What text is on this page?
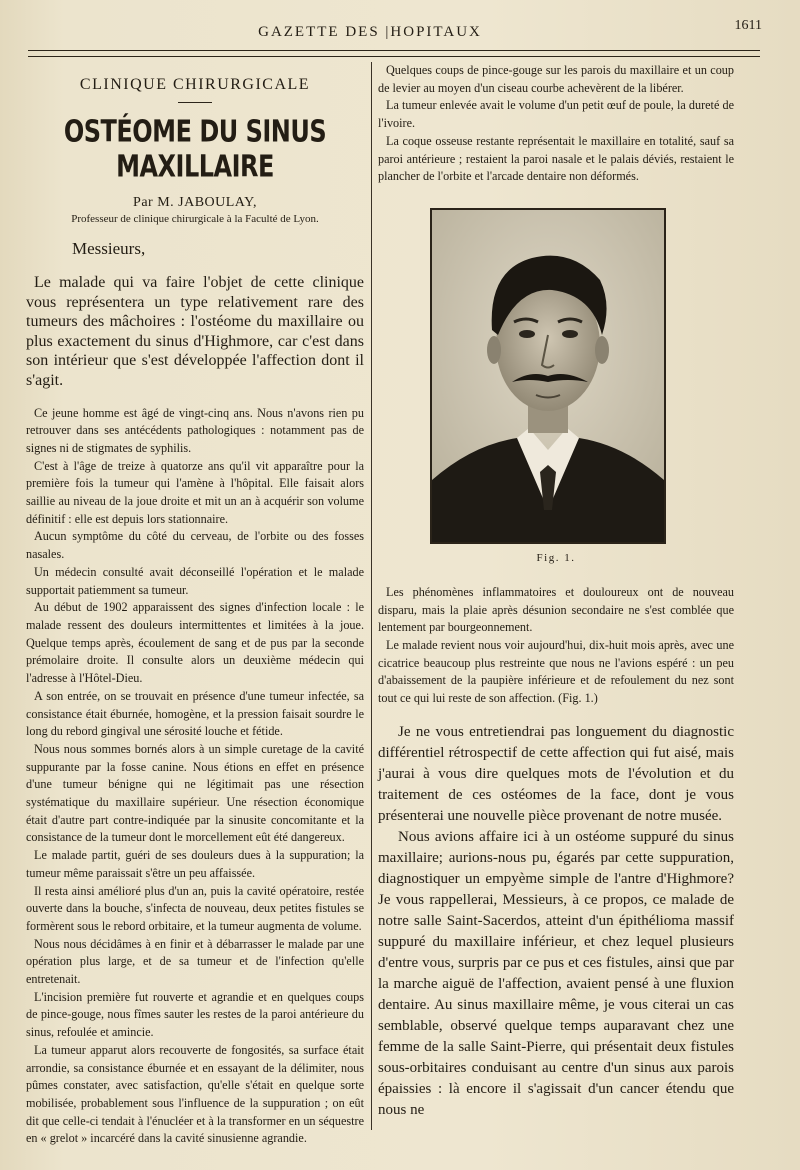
GAZETTE DES |HOPITAUX	1611
CLINIQUE CHIRURGICALE
OSTÉOME DU SINUS MAXILLAIRE
Par M. JABOULAY,
Professeur de clinique chirurgicale à la Faculté de Lyon.
Messieurs,

Le malade qui va faire l'objet de cette clinique vous représentera un type relativement rare des tumeurs des mâchoires : l'ostéome du maxillaire ou plus exactement du sinus d'Highmore, car c'est dans son intérieur que s'est développée l'affection dont il s'agit.

Ce jeune homme est âgé de vingt-cinq ans. Nous n'avons rien pu retrouver dans ses antécédents pathologiques : notamment pas de signes ni de stigmates de syphilis.

C'est à l'âge de treize à quatorze ans qu'il vit apparaître pour la première fois la tumeur qui l'amène à l'hôpital. Elle faisait alors saillie au niveau de la joue droite et mit un an à acquérir son volume définitif : elle est depuis lors stationnaire.

Aucun symptôme du côté du cerveau, de l'orbite ou des fosses nasales.

Un médecin consulté avait déconseillé l'opération et le malade supportait patiemment sa tumeur.

Au début de 1902 apparaissent des signes d'infection locale : le malade ressent des douleurs intermittentes et limitées à la joue. Quelque temps après, écoulement de sang et de pus par la seconde prémolaire droite. Il consulte alors un deuxième médecin qui l'adresse à l'Hôtel-Dieu.

A son entrée, on se trouvait en présence d'une tumeur infectée, sa consistance était éburnée, homogène, et la pression faisait sourdre le long du rebord gingival une sérosité louche et fétide.

Nous nous sommes bornés alors à un simple curetage de la cavité suppurante par la fosse canine. Nous étions en effet en présence d'une tumeur bénigne qui ne légitimait pas une résection systématique du maxillaire supérieur. Une résection économique était d'autre part contre-indiquée par la sinusite concomitante et la consistance de la tumeur dont le morcellement eût été dangereux.

Le malade partit, guéri de ses douleurs dues à la suppuration; la tumeur même paraissait s'être un peu affaissée.

Il resta ainsi amélioré plus d'un an, puis la cavité opératoire, restée ouverte dans la bouche, s'infecta de nouveau, deux petites fistules se formèrent sous le rebord orbitaire, et la tumeur augmenta de volume.

Nous nous décidâmes à en finir et à débarrasser le malade par une opération plus large, et de sa tumeur et de l'infection qu'elle entretenait.

L'incision première fut rouverte et agrandie et en quelques coups de pince-gouge, nous fîmes sauter les restes de la paroi antérieure du sinus, refoulée et amincie.

La tumeur apparut alors recouverte de fongosités, sa surface était arrondie, sa consistance éburnée et en essayant de la délimiter, nous pûmes constater, avec satisfaction, qu'elle s'était en quelque sorte mobilisée, probablement sous l'influence de la suppuration ; on eût dit que celle-ci tendait à l'énucléer et à la transformer en un séquestre en « grelot » incarcéré dans la cavité sinusienne agrandie.

Quelques coups de pince-gouge sur les parois du maxillaire et un coup de levier au moyen d'un ciseau courbe achevèrent de la libérer.

La tumeur enlevée avait le volume d'un petit œuf de poule, la dureté de l'ivoire.

La coque osseuse restante représentait le maxillaire en totalité, sauf sa paroi antérieure ; restaient la paroi nasale et le palais déviés, restaient le plancher de l'orbite et l'arcade dentaire non déformés.

Fig. 1.

Les phénomènes inflammatoires et douloureux ont de nouveau disparu, mais la plaie après désunion secondaire ne s'est comblée que lentement par bourgeonnement.

Le malade revient nous voir aujourd'hui, dix-huit mois après, avec une cicatrice beaucoup plus restreinte que nous ne l'avions espéré : un peu d'abaissement de la paupière inférieure et de refoulement du nez sont tout ce qui lui reste de son affection. (Fig. 1.)

Je ne vous entretiendrai pas longuement du diagnostic différentiel rétrospectif de cette affection qui fut aisé, mais j'aurai à vous dire quelques mots de l'évolution et du traitement de ces ostéomes de la face, dont je vous présenterai une nouvelle pièce provenant de notre musée.

Nous avions affaire ici à un ostéome suppuré du sinus maxillaire; aurions-nous pu, égarés par cette suppuration, diagnostiquer un empyème simple de l'antre d'Highmore? Je vous rappellerai, Messieurs, à ce propos, ce malade de notre salle Saint-Sacerdos, atteint d'un épithélioma massif suppuré du maxillaire inférieur, et chez lequel plusieurs d'entre vous, surpris par ce pus et ces fistules, ainsi que par la marche aiguë de l'affection, avaient pensé à une fluxion dentaire. Au sinus maxillaire même, je vous citerai un cas semblable, observé quelque temps auparavant chez une femme de la salle Saint-Pierre, qui présentait deux fistules sous-orbitaires conduisant au centre d'un sinus aux parois épaissies : là encore il s'agissait d'un cancer étendu que nous ne
